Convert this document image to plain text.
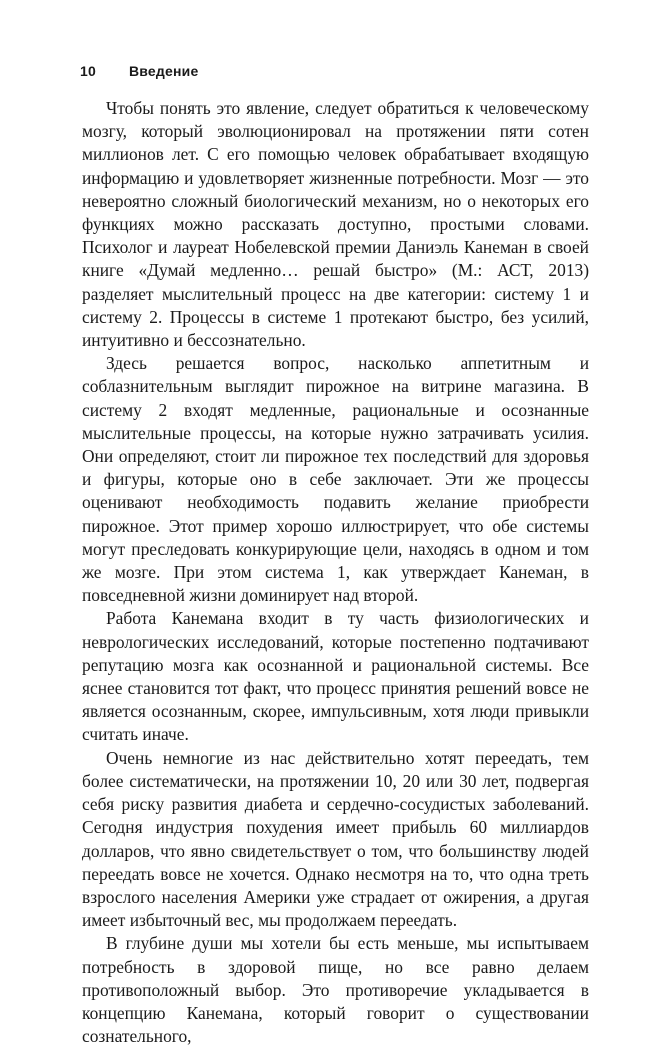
10 Введение

Чтобы понять это явление, следует обратиться к человеческому мозгу, который эволюционировал на протяжении пяти сотен миллионов лет. С его помощью человек обрабатывает входящую информацию и удовлетворяет жизненные потребности. Мозг — это невероятно сложный биологический механизм, но о некоторых его функциях можно рассказать доступно, простыми словами. Психолог и лауреат Нобелевской премии Даниэль Канеман в своей книге «Думай медленно… решай быстро» (М.: АСТ, 2013) разделяет мыслительный процесс на две категории: систему 1 и систему 2. Процессы в системе 1 протекают быстро, без усилий, интуитивно и бессознательно.

Здесь решается вопрос, насколько аппетитным и соблазнительным выглядит пирожное на витрине магазина. В систему 2 входят медленные, рациональные и осознанные мыслительные процессы, на которые нужно затрачивать усилия. Они определяют, стоит ли пирожное тех последствий для здоровья и фигуры, которые оно в себе заключает. Эти же процессы оценивают необходимость подавить желание приобрести пирожное. Этот пример хорошо иллюстрирует, что обе системы могут преследовать конкурирующие цели, находясь в одном и том же мозге. При этом система 1, как утверждает Канеман, в повседневной жизни доминирует над второй.

Работа Канемана входит в ту часть физиологических и неврологических исследований, которые постепенно подтачивают репутацию мозга как осознанной и рациональной системы. Все яснее становится тот факт, что процесс принятия решений вовсе не является осознанным, скорее, импульсивным, хотя люди привыкли считать иначе.

Очень немногие из нас действительно хотят переедать, тем более систематически, на протяжении 10, 20 или 30 лет, подвергая себя риску развития диабета и сердечно-сосудистых заболеваний. Сегодня индустрия похудения имеет прибыль 60 миллиардов долларов, что явно свидетельствует о том, что большинству людей переедать вовсе не хочется. Однако несмотря на то, что одна треть взрослого населения Америки уже страдает от ожирения, а другая имеет избыточный вес, мы продолжаем переедать.

В глубине души мы хотели бы есть меньше, мы испытываем потребность в здоровой пище, но все равно делаем противоположный выбор. Это противоречие укладывается в концепцию Канемана, который говорит о существовании сознательного,
